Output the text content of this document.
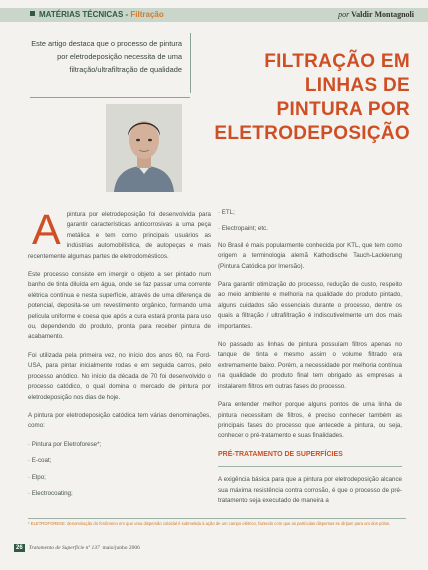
MATÉRIAS TÉCNICAS - Filtração	por Valdir Montagnoli
Este artigo destaca que o processo de pintura por eletrodeposição necessita de uma filtração/ultrafiltração de qualidade	FILTRAÇÃO EM
LINHAS DE
PINTURA POR
ELETRODEPOSIÇÃO

Apintura por eletrodeposição foi desenvolvida para garantir características anticorrosivas a uma peça metálica e tem como principais usuários as indústrias automobilística, de autopeças e mais recentemente algumas partes de eletrodomésticos.

Este processo consiste em imergir o objeto a ser pintado num banho de tinta diluída em água, onde se faz passar uma corrente elétrica contínua e nesta superfície, através de uma diferença de potencial, deposita-se um revestimento orgânico, formando uma película uniforme e coesa que após a cura estará pronta para uso ou, dependendo do produto, pronta para receber pintura de acabamento.

Foi utilizada pela primeira vez, no início dos anos 60, na Ford-USA, para pintar inicialmente rodas e em seguida carros, pelo processo anódico. No início da década de 70 foi desenvolvido o processo catódico, o qual domina o mercado de pintura por eletrodeposição nos dias de hoje.

A pintura por eletrodeposição catódica tem várias denominações, como:

· Pintura por Eletroforese*;
· E-coat;
· Elpo;
· Electrocoating;
· ETL;
· Electropaint; etc.

No Brasil é mais popularmente conhecida por KTL, que tem como origem a terminologia alemã Kathodische Tauch-Lackierung (Pintura Catódica por Imersão).

Para garantir otimização do processo, redução de custo, respeito ao meio ambiente e melhoria na qualidade do produto pintado, alguns cuidados são essenciais durante o processo, dentre os quais a filtração / ultrafiltração é indiscutivelmente um dos mais importantes.

No passado as linhas de pintura possuíam filtros apenas no tanque de tinta e mesmo assim o volume filtrado era extremamente baixo. Porém, a necessidade por melhoria contínua na qualidade do produto final tem obrigado as empresas a instalarem filtros em outras fases do processo.

Para entender melhor porque alguns pontos de uma linha de pintura necessitam de filtros, é preciso conhecer também as principais fases do processo que antecede a pintura, ou seja, conhecer o pré-tratamento e suas finalidades.

PRÉ-TRATAMENTO DE SUPERFÍCIES

A exigência básica para que a pintura por eletrodeposição alcance sua máxima resistência contra corrosão, é que o processo de pré-tratamento seja executado de maneira a

* ELETROFORESE: denominação do fenômeno em que uma dispersão coloidal é submetida à ação de um campo elétrico, fazendo com que as partículas dispersas se dirijam para um dos pólos.
26 Tratamento de Superfície nº 137 maio/junho 2006
